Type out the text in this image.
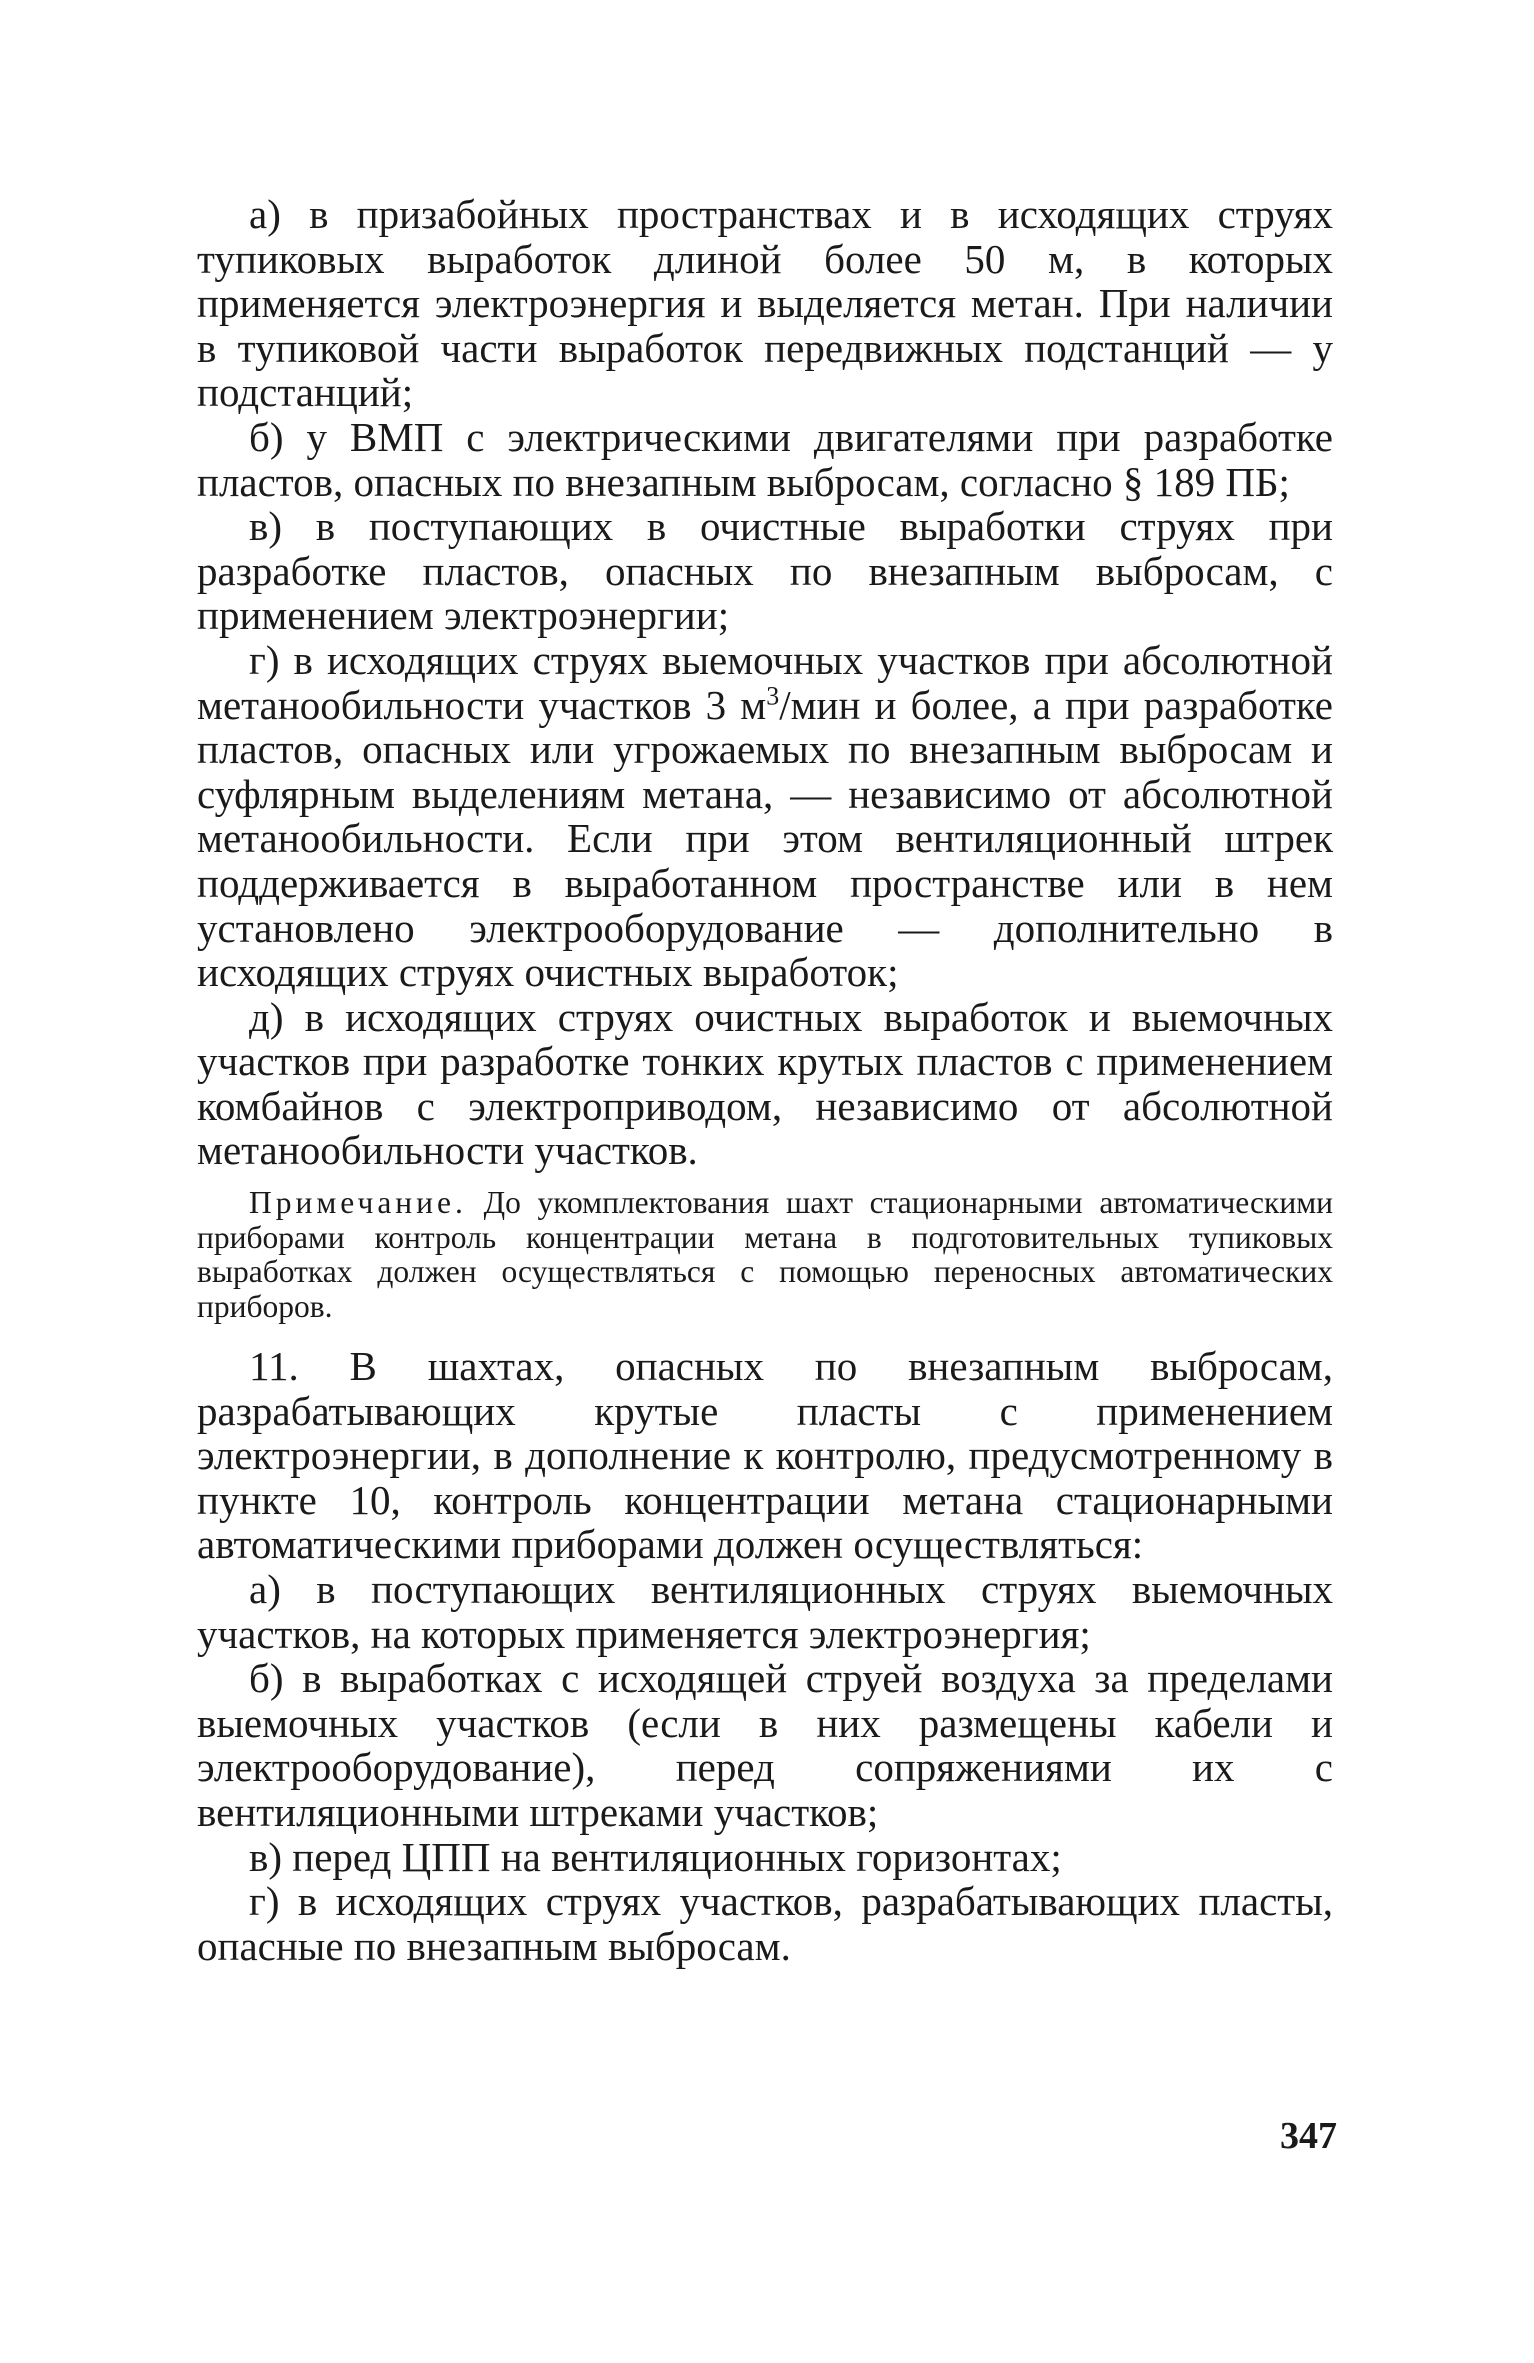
а) в призабойных пространствах и в исходящих струях тупиковых выработок длиной более 50 м, в которых применяется электроэнергия и выделяется метан. При наличии в тупиковой части выработок передвижных подстанций — у подстанций;

б) у ВМП с электрическими двигателями при разработке пластов, опасных по внезапным выбросам, согласно § 189 ПБ;

в) в поступающих в очистные выработки струях при разработке пластов, опасных по внезапным выбросам, с применением электроэнергии;

г) в исходящих струях выемочных участков при абсолютной метанообильности участков 3 $м^3$/мин и более, а при разработке пластов, опасных или угрожаемых по внезапным выбросам и суфлярным выделениям метана, — независимо от абсолютной метанообильности. Если при этом вентиляционный штрек поддерживается в выработанном пространстве или в нем установлено электрооборудование — дополнительно в исходящих струях очистных выработок;

д) в исходящих струях очистных выработок и выемочных участков при разработке тонких крутых пластов с применением комбайнов с электроприводом, независимо от абсолютной метанообильности участков.

Примечание. До укомплектования шахт стационарными автоматическими приборами контроль концентрации метана в подготовительных тупиковых выработках должен осуществляться с помощью переносных автоматических приборов.

11. В шахтах, опасных по внезапным выбросам, разрабатывающих крутые пласты с применением электроэнергии, в дополнение к контролю, предусмотренному в пункте 10, контроль концентрации метана стационарными автоматическими приборами должен осуществляться:

а) в поступающих вентиляционных струях выемочных участков, на которых применяется электроэнергия;

б) в выработках с исходящей струей воздуха за пределами выемочных участков (если в них размещены кабели и электрооборудование), перед сопряжениями их с вентиляционными штреками участков;

в) перед ЦПП на вентиляционных горизонтах;

г) в исходящих струях участков, разрабатывающих пласты, опасные по внезапным выбросам.

347
